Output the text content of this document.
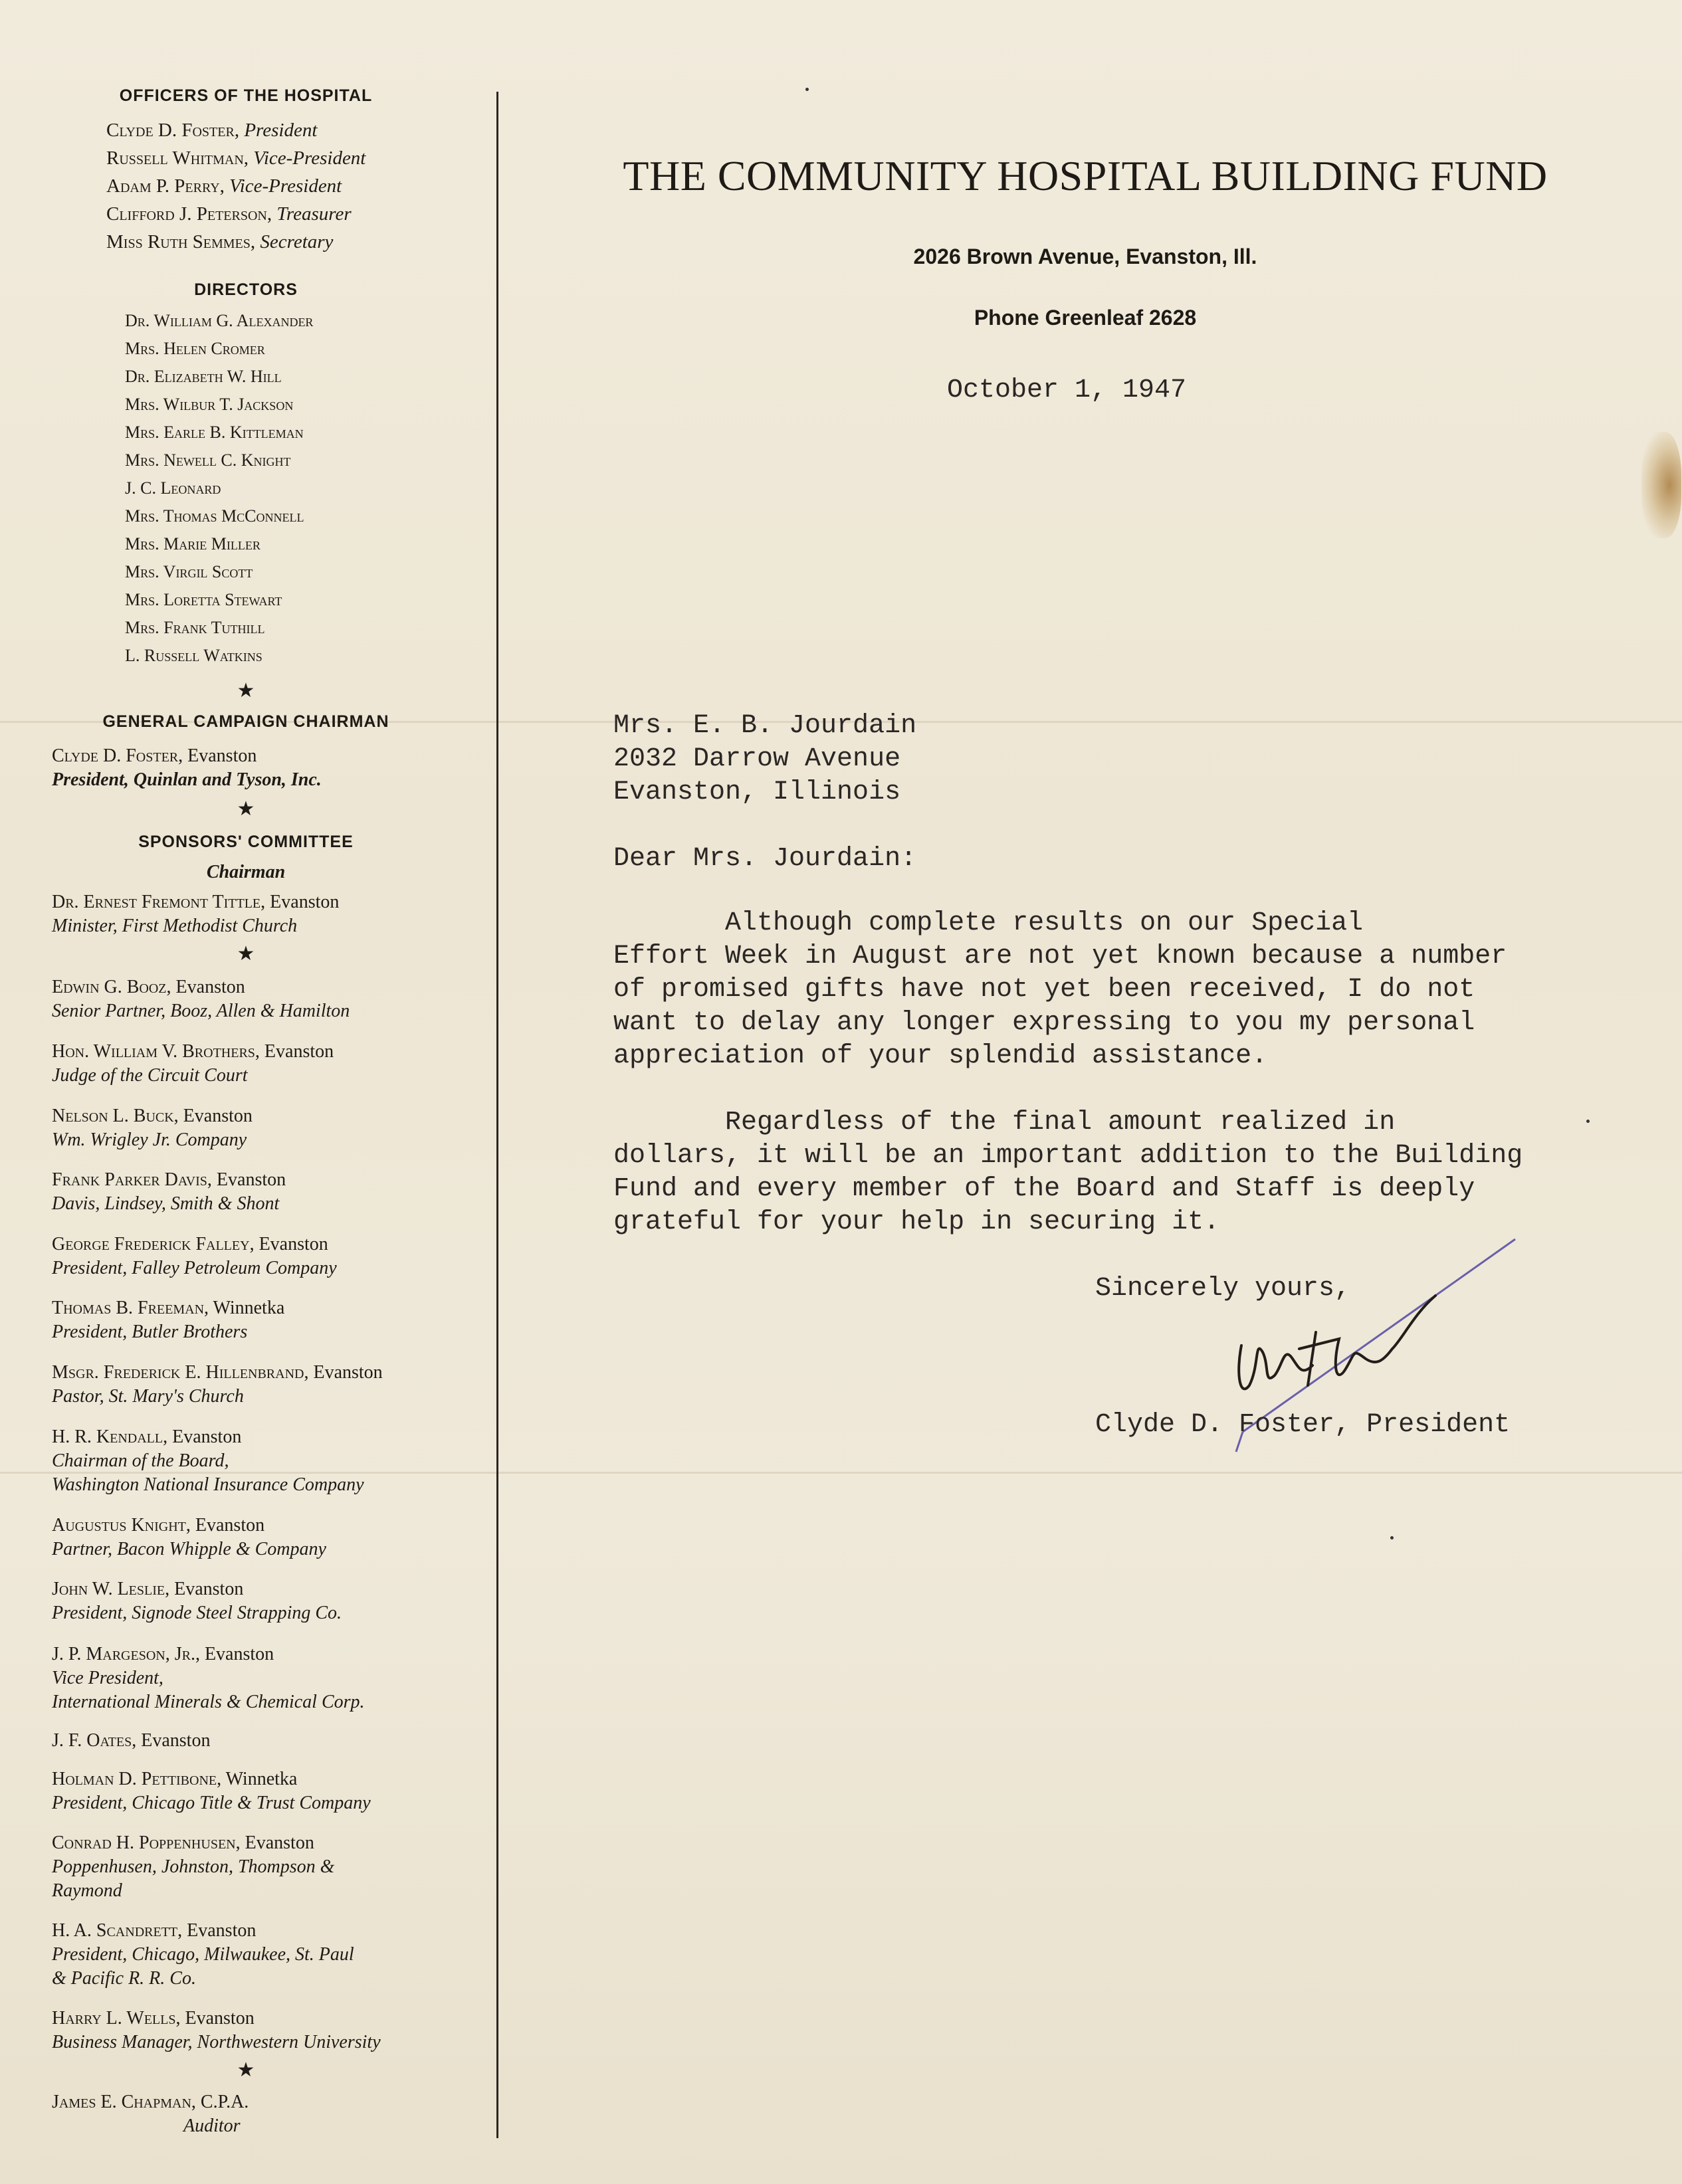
OFFICERS OF THE HOSPITAL
Clyde D. Foster, President
Russell Whitman, Vice-President
Adam P. Perry, Vice-President
Clifford J. Peterson, Treasurer
Miss Ruth Semmes, Secretary
DIRECTORS
Dr. William G. Alexander
Mrs. Helen Cromer
Dr. Elizabeth W. Hill
Mrs. Wilbur T. Jackson
Mrs. Earle B. Kittleman
Mrs. Newell C. Knight
J. C. Leonard
Mrs. Thomas McConnell
Mrs. Marie Miller
Mrs. Virgil Scott
Mrs. Loretta Stewart
Mrs. Frank Tuthill
L. Russell Watkins
★
GENERAL CAMPAIGN CHAIRMAN
Clyde D. Foster, Evanston
President, Quinlan and Tyson, Inc.
★
SPONSORS' COMMITTEE
Chairman
Dr. Ernest Fremont Tittle, Evanston
Minister, First Methodist Church
★
Edwin G. Booz, Evanston
Senior Partner, Booz, Allen & Hamilton
Hon. William V. Brothers, Evanston
Judge of the Circuit Court
Nelson L. Buck, Evanston
Wm. Wrigley Jr. Company
Frank Parker Davis, Evanston
Davis, Lindsey, Smith & Shont
George Frederick Falley, Evanston
President, Falley Petroleum Company
Thomas B. Freeman, Winnetka
President, Butler Brothers
Msgr. Frederick E. Hillenbrand, Evanston
Pastor, St. Mary's Church
H. R. Kendall, Evanston
Chairman of the Board,
Washington National Insurance Company
Augustus Knight, Evanston
Partner, Bacon Whipple & Company
John W. Leslie, Evanston
President, Signode Steel Strapping Co.
J. P. Margeson, Jr., Evanston
Vice President,
International Minerals & Chemical Corp.
J. F. Oates, Evanston
Holman D. Pettibone, Winnetka
President, Chicago Title & Trust Company
Conrad H. Poppenhusen, Evanston
Poppenhusen, Johnston, Thompson &
Raymond
H. A. Scandrett, Evanston
President, Chicago, Milwaukee, St. Paul
& Pacific R. R. Co.
Harry L. Wells, Evanston
Business Manager, Northwestern University
★
James E. Chapman, C.P.A.
Auditor
THE COMMUNITY HOSPITAL BUILDING FUND
2026 Brown Avenue, Evanston, Ill.
Phone Greenleaf 2628
October 1, 1947
Mrs. E. B. Jourdain
2032 Darrow Avenue
Evanston, Illinois
Dear Mrs. Jourdain:
Although complete results on our Special
Effort Week in August are not yet known because a number
of promised gifts have not yet been received, I do not
want to delay any longer expressing to you my personal
appreciation of your splendid assistance.
Regardless of the final amount realized in
dollars, it will be an important addition to the Building
Fund and every member of the Board and Staff is deeply
grateful for your help in securing it.
Sincerely yours,
Clyde D. Foster, President
